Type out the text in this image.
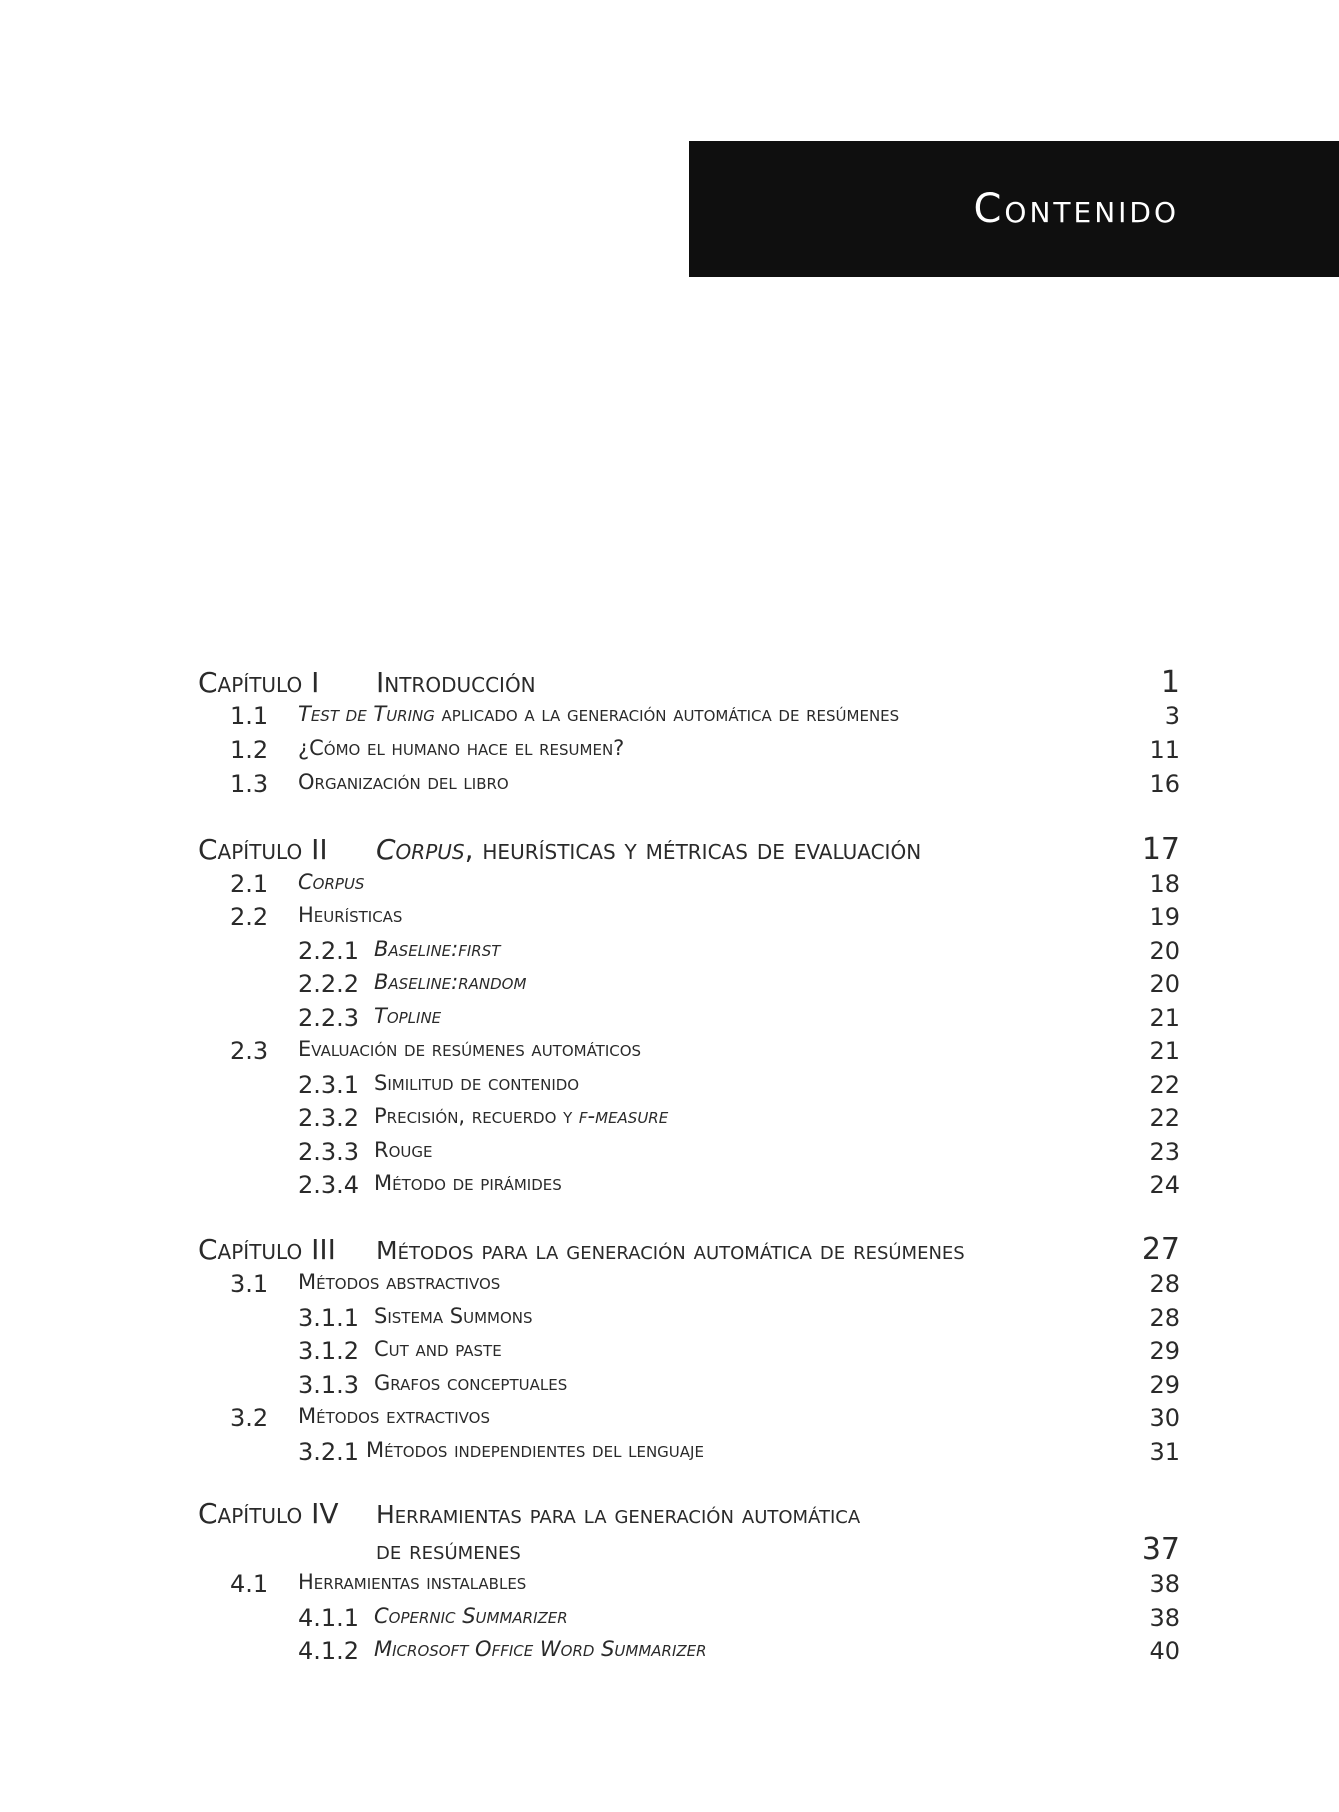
Contenido
Capítulo I	Introducción	1
1.1 Test de Turing aplicado a la generación automática de resúmenes	3
1.2 ¿Cómo el humano hace el resumen?	11
1.3 Organización del libro	16
Capítulo II	Corpus, heurísticas y métricas de evaluación	17
2.1 Corpus	18
2.2 Heurísticas	19
2.2.1 Baseline:first	20
2.2.2 Baseline:random	20
2.2.3 Topline	21
2.3 Evaluación de resúmenes automáticos	21
2.3.1 Similitud de contenido	22
2.3.2 Precisión, recuerdo y f-measure	22
2.3.3 Rouge	23
2.3.4 Método de pirámides	24
Capítulo III	Métodos para la generación automática de resúmenes	27
3.1 Métodos abstractivos	28
3.1.1 Sistema Summons	28
3.1.2 Cut and paste	29
3.1.3 Grafos conceptuales	29
3.2 Métodos extractivos	30
3.2.1 Métodos independientes del lenguaje	31
Capítulo IV	Herramientas para la generación automática
de resúmenes	37
4.1 Herramientas instalables	38
4.1.1 Copernic Summarizer	38
4.1.2 Microsoft Office Word Summarizer	40
